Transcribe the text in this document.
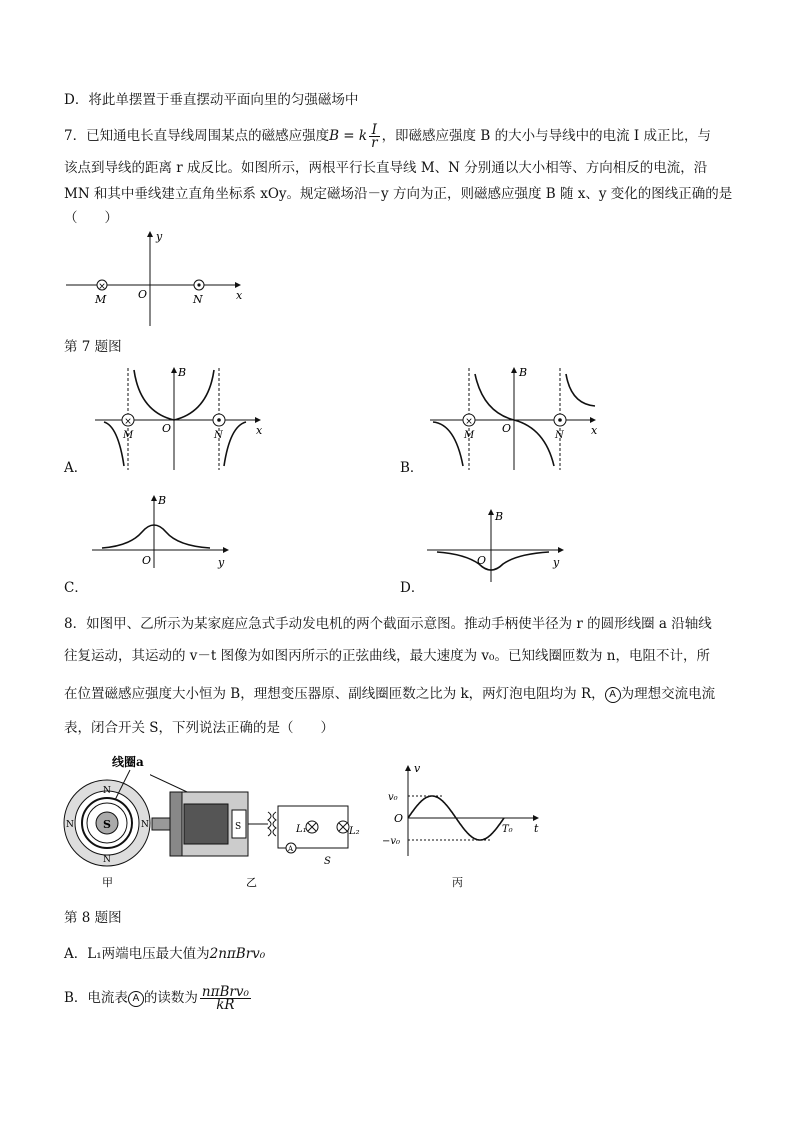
D．将此单摆置于垂直摆动平面向里的匀强磁场中
7．已知通电长直导线周围某点的磁感应强度B = k $\frac{I}{r}$ ，即磁感应强度 B 的大小与导线中的电流 I 成正比，与
该点到导线的距离 r 成反比。如图所示，两根平行长直导线 M、N 分别通以大小相等、方向相反的电流，沿
MN 和其中垂线建立直角坐标系 xOy。规定磁场沿－y 方向为正，则磁感应强度 B 随 x、y 变化的图线正确的是
（　　）
×
y
x
O
M	N
第 7 题图
×
B
x
O
M	N
A．
×
B
x
O
M	N
B．
B
O	y
C．
B
O	y
D．
8．如图甲、乙所示为某家庭应急式手动发电机的两个截面示意图。推动手柄使半径为 r 的圆形线圈 a 沿轴线
往复运动，其运动的 v－t 图像为如图丙所示的正弦曲线，最大速度为 v₀。已知线圈匝数为 n，电阻不计，所
在位置磁感应强度大小恒为 B，理想变压器原、副线圈匝数之比为 k，两灯泡电阻均为 R， A 为理想交流电流
表，闭合开关 S，下列说法正确的是（　　）
线圈a
S
N	N
N
N
甲
S	L₁	L₂
A
S
乙
v
v₀
O
−v₀
T₀ t
丙
第 8 题图
A．L₁两端电压最大值为2nπBrv₀
B．电流表 A 的读数为 $\frac{\text{nπBrv₀}}{kR}$
